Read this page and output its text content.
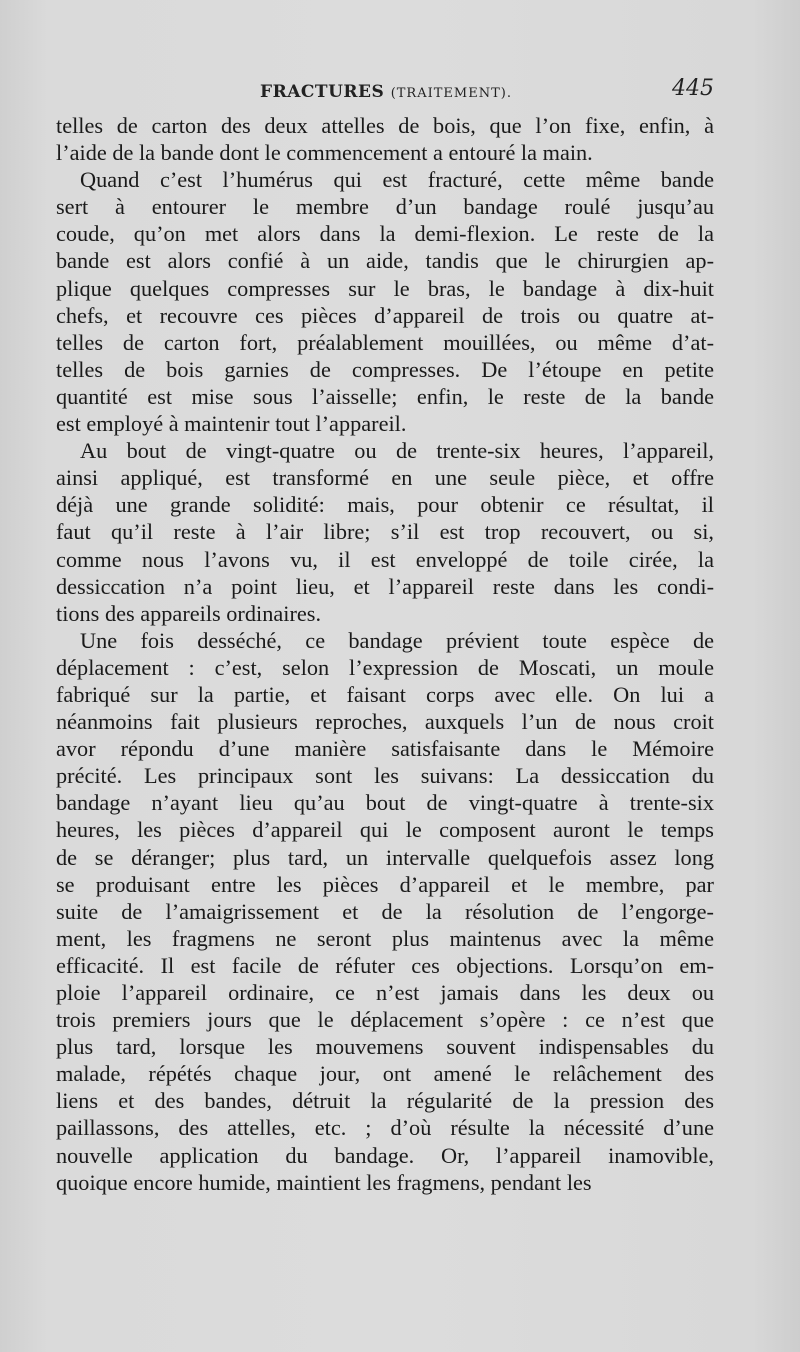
FRACTURES (TRAITEMENT).	445
telles de carton des deux attelles de bois, que l’on fixe, enfin, à
l’aide de la bande dont le commencement a entouré la main.
Quand c’est l’humérus qui est fracturé, cette même bande
sert à entourer le membre d’un bandage roulé jusqu’au
coude, qu’on met alors dans la demi-flexion. Le reste de la
bande est alors confié à un aide, tandis que le chirurgien ap-
plique quelques compresses sur le bras, le bandage à dix-huit
chefs, et recouvre ces pièces d’appareil de trois ou quatre at-
telles de carton fort, préalablement mouillées, ou même d’at-
telles de bois garnies de compresses. De l’étoupe en petite
quantité est mise sous l’aisselle; enfin, le reste de la bande
est employé à maintenir tout l’appareil.
Au bout de vingt-quatre ou de trente-six heures, l’appareil,
ainsi appliqué, est transformé en une seule pièce, et offre
déjà une grande solidité: mais, pour obtenir ce résultat, il
faut qu’il reste à l’air libre; s’il est trop recouvert, ou si,
comme nous l’avons vu, il est enveloppé de toile cirée, la
dessiccation n’a point lieu, et l’appareil reste dans les condi-
tions des appareils ordinaires.
Une fois desséché, ce bandage prévient toute espèce de
déplacement : c’est, selon l’expression de Moscati, un moule
fabriqué sur la partie, et faisant corps avec elle. On lui a
néanmoins fait plusieurs reproches, auxquels l’un de nous croit
avor répondu d’une manière satisfaisante dans le Mémoire
précité. Les principaux sont les suivans: La dessiccation du
bandage n’ayant lieu qu’au bout de vingt-quatre à trente-six
heures, les pièces d’appareil qui le composent auront le temps
de se déranger; plus tard, un intervalle quelquefois assez long
se produisant entre les pièces d’appareil et le membre, par
suite de l’amaigrissement et de la résolution de l’engorge-
ment, les fragmens ne seront plus maintenus avec la même
efficacité. Il est facile de réfuter ces objections. Lorsqu’on em-
ploie l’appareil ordinaire, ce n’est jamais dans les deux ou
trois premiers jours que le déplacement s’opère : ce n’est que
plus tard, lorsque les mouvemens souvent indispensables du
malade, répétés chaque jour, ont amené le relâchement des
liens et des bandes, détruit la régularité de la pression des
paillassons, des attelles, etc. ; d’où résulte la nécessité d’une
nouvelle application du bandage. Or, l’appareil inamovible,
quoique encore humide, maintient les fragmens, pendant les
